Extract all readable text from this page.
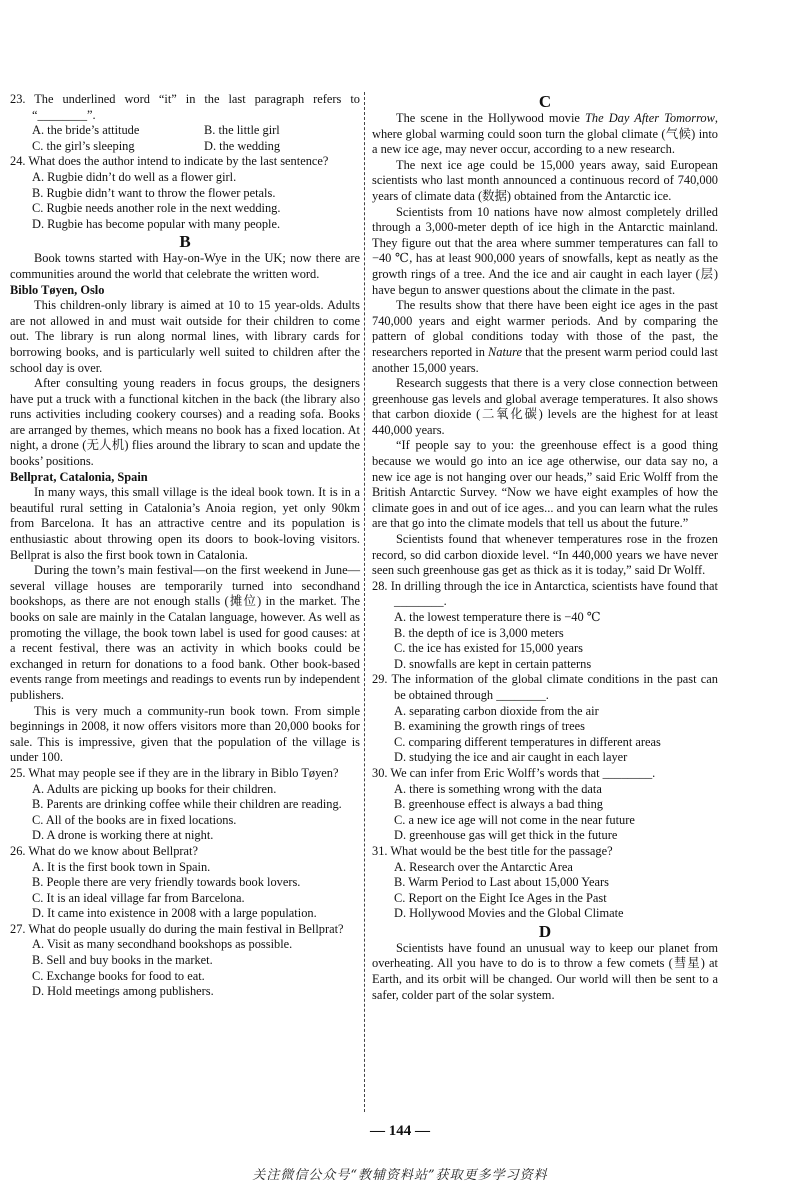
23. The underlined word “it” in the last paragraph refers to “________”.

A. the bride’s attitude	B. the little girl
C. the girl’s sleeping	D. the wedding

24. What does the author intend to indicate by the last sentence?

A. Rugbie didn’t do well as a flower girl.

B. Rugbie didn’t want to throw the flower petals.

C. Rugbie needs another role in the next wedding.

D. Rugbie has become popular with many people.

B

Book towns started with Hay-on-Wye in the UK; now there are communities around the world that celebrate the written word.

Biblo Tøyen, Oslo

This children-only library is aimed at 10 to 15 year-olds. Adults are not allowed in and must wait outside for their children to come out. The library is run along normal lines, with library cards for borrowing books, and is particularly well suited to children after the school day is over.

After consulting young readers in focus groups, the designers have put a truck with a functional kitchen in the back (the library also runs activities including cookery courses) and a reading sofa. Books are arranged by themes, which means no book has a fixed location. At night, a drone (无人机) flies around the library to scan and update the books’ positions.

Bellprat, Catalonia, Spain

In many ways, this small village is the ideal book town. It is in a beautiful rural setting in Catalonia’s Anoia region, yet only 90km from Barcelona. It has an attractive centre and its population is enthusiastic about throwing open its doors to book-loving visitors. Bellprat is also the first book town in Catalonia.

During the town’s main festival—on the first weekend in June—several village houses are temporarily turned into secondhand bookshops, as there are not enough stalls (摊位) in the market. The books on sale are mainly in the Catalan language, however. As well as promoting the village, the book town label is used for good causes: at a recent festival, there was an activity in which books could be exchanged in return for donations to a food bank. Other book-based events range from meetings and readings to events run by independent publishers.

This is very much a community-run book town. From simple beginnings in 2008, it now offers visitors more than 20,000 books for sale. This is impressive, given that the population of the village is under 100.

25. What may people see if they are in the library in Biblo Tøyen?

A. Adults are picking up books for their children.

B. Parents are drinking coffee while their children are reading.

C. All of the books are in fixed locations.

D. A drone is working there at night.

26. What do we know about Bellprat?

A. It is the first book town in Spain.

B. People there are very friendly towards book lovers.

C. It is an ideal village far from Barcelona.

D. It came into existence in 2008 with a large population.

27. What do people usually do during the main festival in Bellprat?

A. Visit as many secondhand bookshops as possible.

B. Sell and buy books in the market.

C. Exchange books for food to eat.

D. Hold meetings among publishers.

C

The scene in the Hollywood movie The Day After Tomorrow, where global warming could soon turn the global climate (气候) into a new ice age, may never occur, according to a new research.

The next ice age could be 15,000 years away, said European scientists who last month announced a continuous record of 740,000 years of climate data (数据) obtained from the Antarctic ice.

Scientists from 10 nations have now almost completely drilled through a 3,000-meter depth of ice high in the Antarctic mainland. They figure out that the area where summer temperatures can fall to −40 ℃, has at least 900,000 years of snowfalls, kept as neatly as the growth rings of a tree. And the ice and air caught in each layer (层) have begun to answer questions about the climate in the past.

The results show that there have been eight ice ages in the past 740,000 years and eight warmer periods. And by comparing the pattern of global conditions today with those of the past, the researchers reported in Nature that the present warm period could last another 15,000 years.

Research suggests that there is a very close connection between greenhouse gas levels and global average temperatures. It also shows that carbon dioxide (二氧化碳) levels are the highest for at least 440,000 years.

“If people say to you: the greenhouse effect is a good thing because we would go into an ice age otherwise, our data say no, a new ice age is not hanging over our heads,” said Eric Wolff from the British Antarctic Survey. “Now we have eight examples of how the climate goes in and out of ice ages... and you can learn what the rules are that go into the climate models that tell us about the future.”

Scientists found that whenever temperatures rose in the frozen record, so did carbon dioxide level. “In 440,000 years we have never seen such greenhouse gas get as thick as it is today,” said Dr Wolff.

28. In drilling through the ice in Antarctica, scientists have found that ________.

A. the lowest temperature there is −40 ℃

B. the depth of ice is 3,000 meters

C. the ice has existed for 15,000 years

D. snowfalls are kept in certain patterns

29. The information of the global climate conditions in the past can be obtained through ________.

A. separating carbon dioxide from the air

B. examining the growth rings of trees

C. comparing different temperatures in different areas

D. studying the ice and air caught in each layer

30. We can infer from Eric Wolff’s words that ________.

A. there is something wrong with the data

B. greenhouse effect is always a bad thing

C. a new ice age will not come in the near future

D. greenhouse gas will get thick in the future

31. What would be the best title for the passage?

A. Research over the Antarctic Area

B. Warm Period to Last about 15,000 Years

C. Report on the Eight Ice Ages in the Past

D. Hollywood Movies and the Global Climate

D

Scientists have found an unusual way to keep our planet from overheating. All you have to do is to throw a few comets (彗星) at Earth, and its orbit will be changed. Our world will then be sent to a safer, colder part of the solar system.

— 144 —
关注微信公众号“教辅资料站”获取更多学习资料
